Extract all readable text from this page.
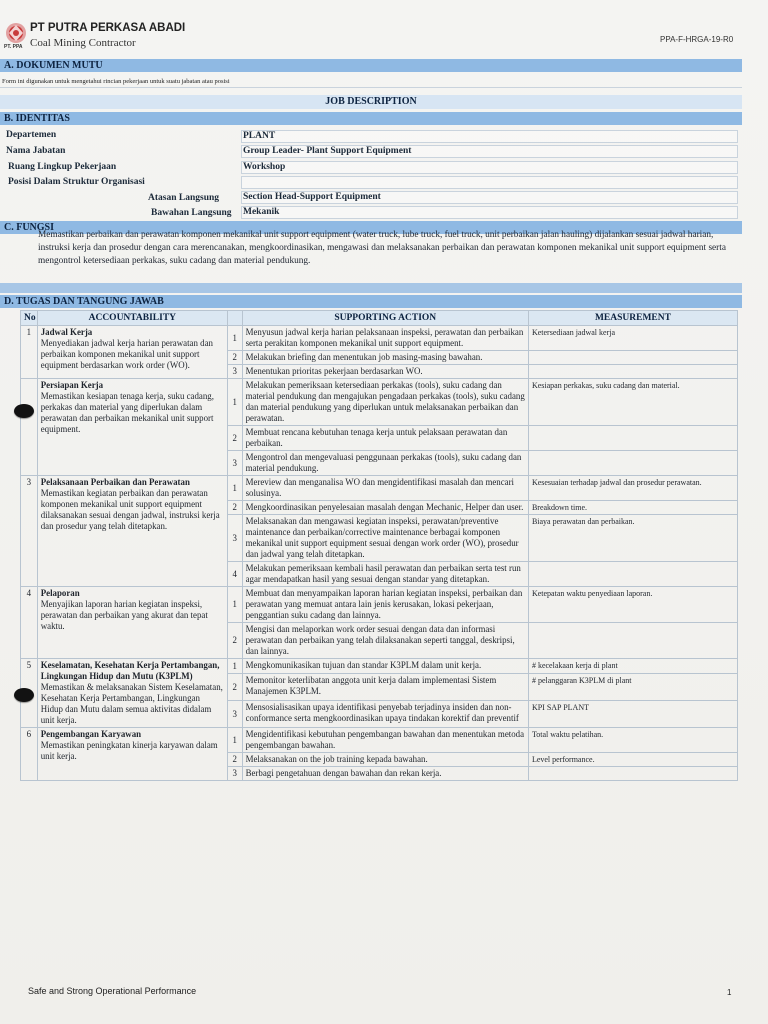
PT. PPA
PT PUTRA PERKASA ABADI
Coal Mining Contractor	PPA-F-HRGA-19-R0
A. DOKUMEN MUTU
Form ini digunakan untuk mengetahui rincian pekerjaan untuk suatu jabatan atau posisi
JOB DESCRIPTION
B. IDENTITAS
Departemen	PLANT
Nama Jabatan	Group Leader- Plant Support Equipment
Ruang Lingkup Pekerjaan	Workshop
Posisi Dalam Struktur Organisasi
Atasan Langsung	Section Head-Support Equipment
Bawahan Langsung Mekanik
C. FUNGSI
Memastikan perbaikan dan perawatan komponen mekanikal unit support equipment (water truck, lube truck, fuel truck, unit perbaikan jalan hauling) dijalankan sesuai jadwal harian, instruksi kerja dan prosedur dengan cara merencanakan, mengkoordinasikan, mengawasi dan melaksanakan perbaikan dan perawatan komponen mekanikal unit support equipment serta mengontrol ketersediaan perkakas, suku cadang dan material pendukung.
D. TUGAS DAN TANGUNG JAWAB
No	ACCOUNTABILITY		SUPPORTING ACTION	MEASUREMENT
1	Jadwal Kerja
Menyediakan jadwal kerja harian perawatan dan perbaikan komponen mekanikal unit support equipment berdasarkan work order (WO).	1	Menyusun jadwal kerja harian pelaksanaan inspeksi, perawatan dan perbaikan serta perakitan komponen mekanikal unit support equipment.	Ketersediaan jadwal kerja
		2	Melakukan briefing dan menentukan job masing-masing bawahan.	
		3	Menentukan prioritas pekerjaan berdasarkan WO.	

	Persiapan Kerja
Memastikan kesiapan tenaga kerja, suku cadang, perkakas dan material yang diperlukan dalam perawatan dan perbaikan mekanikal unit support equipment.	1	Melakukan pemeriksaan ketersediaan perkakas (tools), suku cadang dan material pendukung dan mengajukan pengadaan perkakas (tools), suku cadang dan material pendukung yang diperlukan untuk melaksanakan perbaikan dan perawatan.	Kesiapan perkakas, suku cadang dan material.
		2	Membuat rencana kebutuhan tenaga kerja untuk pelaksaan perawatan dan perbaikan.	
		3	Mengontrol dan mengevaluasi penggunaan perkakas (tools), suku cadang dan material pendukung.	
3	Pelaksanaan Perbaikan dan Perawatan
Memastikan kegiatan perbaikan dan perawatan komponen mekanikal unit support equipment dilaksanakan sesuai dengan jadwal, instruksi kerja dan prosedur yang telah ditetapkan.	1	Mereview dan menganalisa WO dan mengidentifikasi masalah dan mencari solusinya.	Kesesuaian terhadap jadwal dan prosedur perawatan.
		2	Mengkoordinasikan penyelesaian masalah dengan Mechanic, Helper dan user.	Breakdown time.
		3	Melaksanakan dan mengawasi kegiatan inspeksi, perawatan/preventive maintenance dan perbaikan/corrective maintenance berbagai komponen mekanikal unit support equipment sesuai dengan work order (WO), prosedur dan jadwal yang telah ditetapkan.	Biaya perawatan dan perbaikan.
		4	Melakukan pemeriksaan kembali hasil perawatan dan perbaikan serta test run agar mendapatkan hasil yang sesuai dengan standar yang ditetapkan.	
4	Pelaporan
Menyajikan laporan harian kegiatan inspeksi, perawatan dan perbaikan yang akurat dan tepat waktu.	1	Membuat dan menyampaikan laporan harian kegiatan inspeksi, perbaikan dan perawatan yang memuat antara lain jenis kerusakan, lokasi pekerjaan, penggantian suku cadang dan lainnya.	Ketepatan waktu penyediaan laporan.
		2	Mengisi dan melaporkan work order sesuai dengan data dan informasi perawatan dan perbaikan yang telah dilaksanakan seperti tanggal, deskripsi, dan lainnya.	
5	Keselamatan, Kesehatan Kerja Pertambangan, Lingkungan Hidup dan Mutu (K3PLM)
Memastikan & melaksanakan Sistem Keselamatan, Kesehatan Kerja Pertambangan, Lingkungan Hidup dan Mutu dalam semua aktivitas didalam unit kerja.	1	Mengkomunikasikan tujuan dan standar K3PLM dalam unit kerja.	# kecelakaan kerja di plant
		2	Memonitor keterlibatan anggota unit kerja dalam implementasi Sistem Manajemen K3PLM.	# pelanggaran K3PLM di plant
		3	Mensosialisasikan upaya identifikasi penyebab terjadinya insiden dan non-conformance serta mengkoordinasikan upaya tindakan korektif dan preventif	KPI SAP PLANT
6	Pengembangan Karyawan
Memastikan peningkatan kinerja karyawan dalam unit kerja.	1	Mengidentifikasi kebutuhan pengembangan bawahan dan menentukan metoda pengembangan bawahan.	Total waktu pelatihan.
		2	Melaksanakan on the job training kepada bawahan.	Level performance.
		3	Berbagi pengetahuan dengan bawahan dan rekan kerja.	
Safe and Strong Operational Performance	1
